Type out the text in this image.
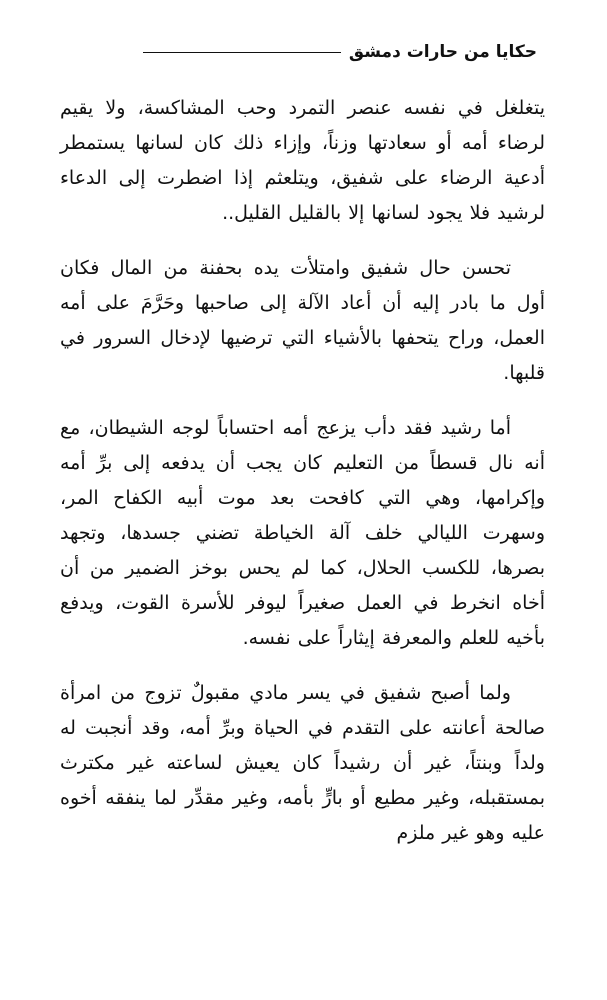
حكايا من حارات دمشق

يتغلغل في نفسه عنصر التمرد وحب المشاكسة، ولا يقيم لرضاء أمه أو سعادتها وزناً، وإزاء ذلك كان لسانها يستمطر أدعية الرضاء على شفيق، ويتلعثم إذا اضطرت إلى الدعاء لرشيد فلا يجود لسانها إلا بالقليل القليل..

تحسن حال شفيق وامتلأت يده بحفنة من المال فكان أول ما بادر إليه أن أعاد الآلة إلى صاحبها وحَرَّمَ على أمه العمل، وراح يتحفها بالأشياء التي ترضيها لإدخال السرور في قلبها.

أما رشيد فقد دأب يزعج أمه احتساباً لوجه الشيطان، مع أنه نال قسطاً من التعليم كان يجب أن يدفعه إلى برِّ أمه وإكرامها، وهي التي كافحت بعد موت أبيه الكفاح المر، وسهرت الليالي خلف آلة الخياطة تضني جسدها، وتجهد بصرها، للكسب الحلال، كما لم يحس بوخز الضمير من أن أخاه انخرط في العمل صغيراً ليوفر للأسرة القوت، ويدفع بأخيه للعلم والمعرفة إيثاراً على نفسه.

ولما أصبح شفيق في يسر مادي مقبولٌ تزوج من امرأة صالحة أعانته على التقدم في الحياة وبرِّ أمه، وقد أنجبت له ولداً وبنتاً، غير أن رشيداً كان يعيش لساعته غير مكترث بمستقبله، وغير مطيع أو بارٍّ بأمه، وغير مقدِّر لما ينفقه أخوه عليه وهو غير ملزم
